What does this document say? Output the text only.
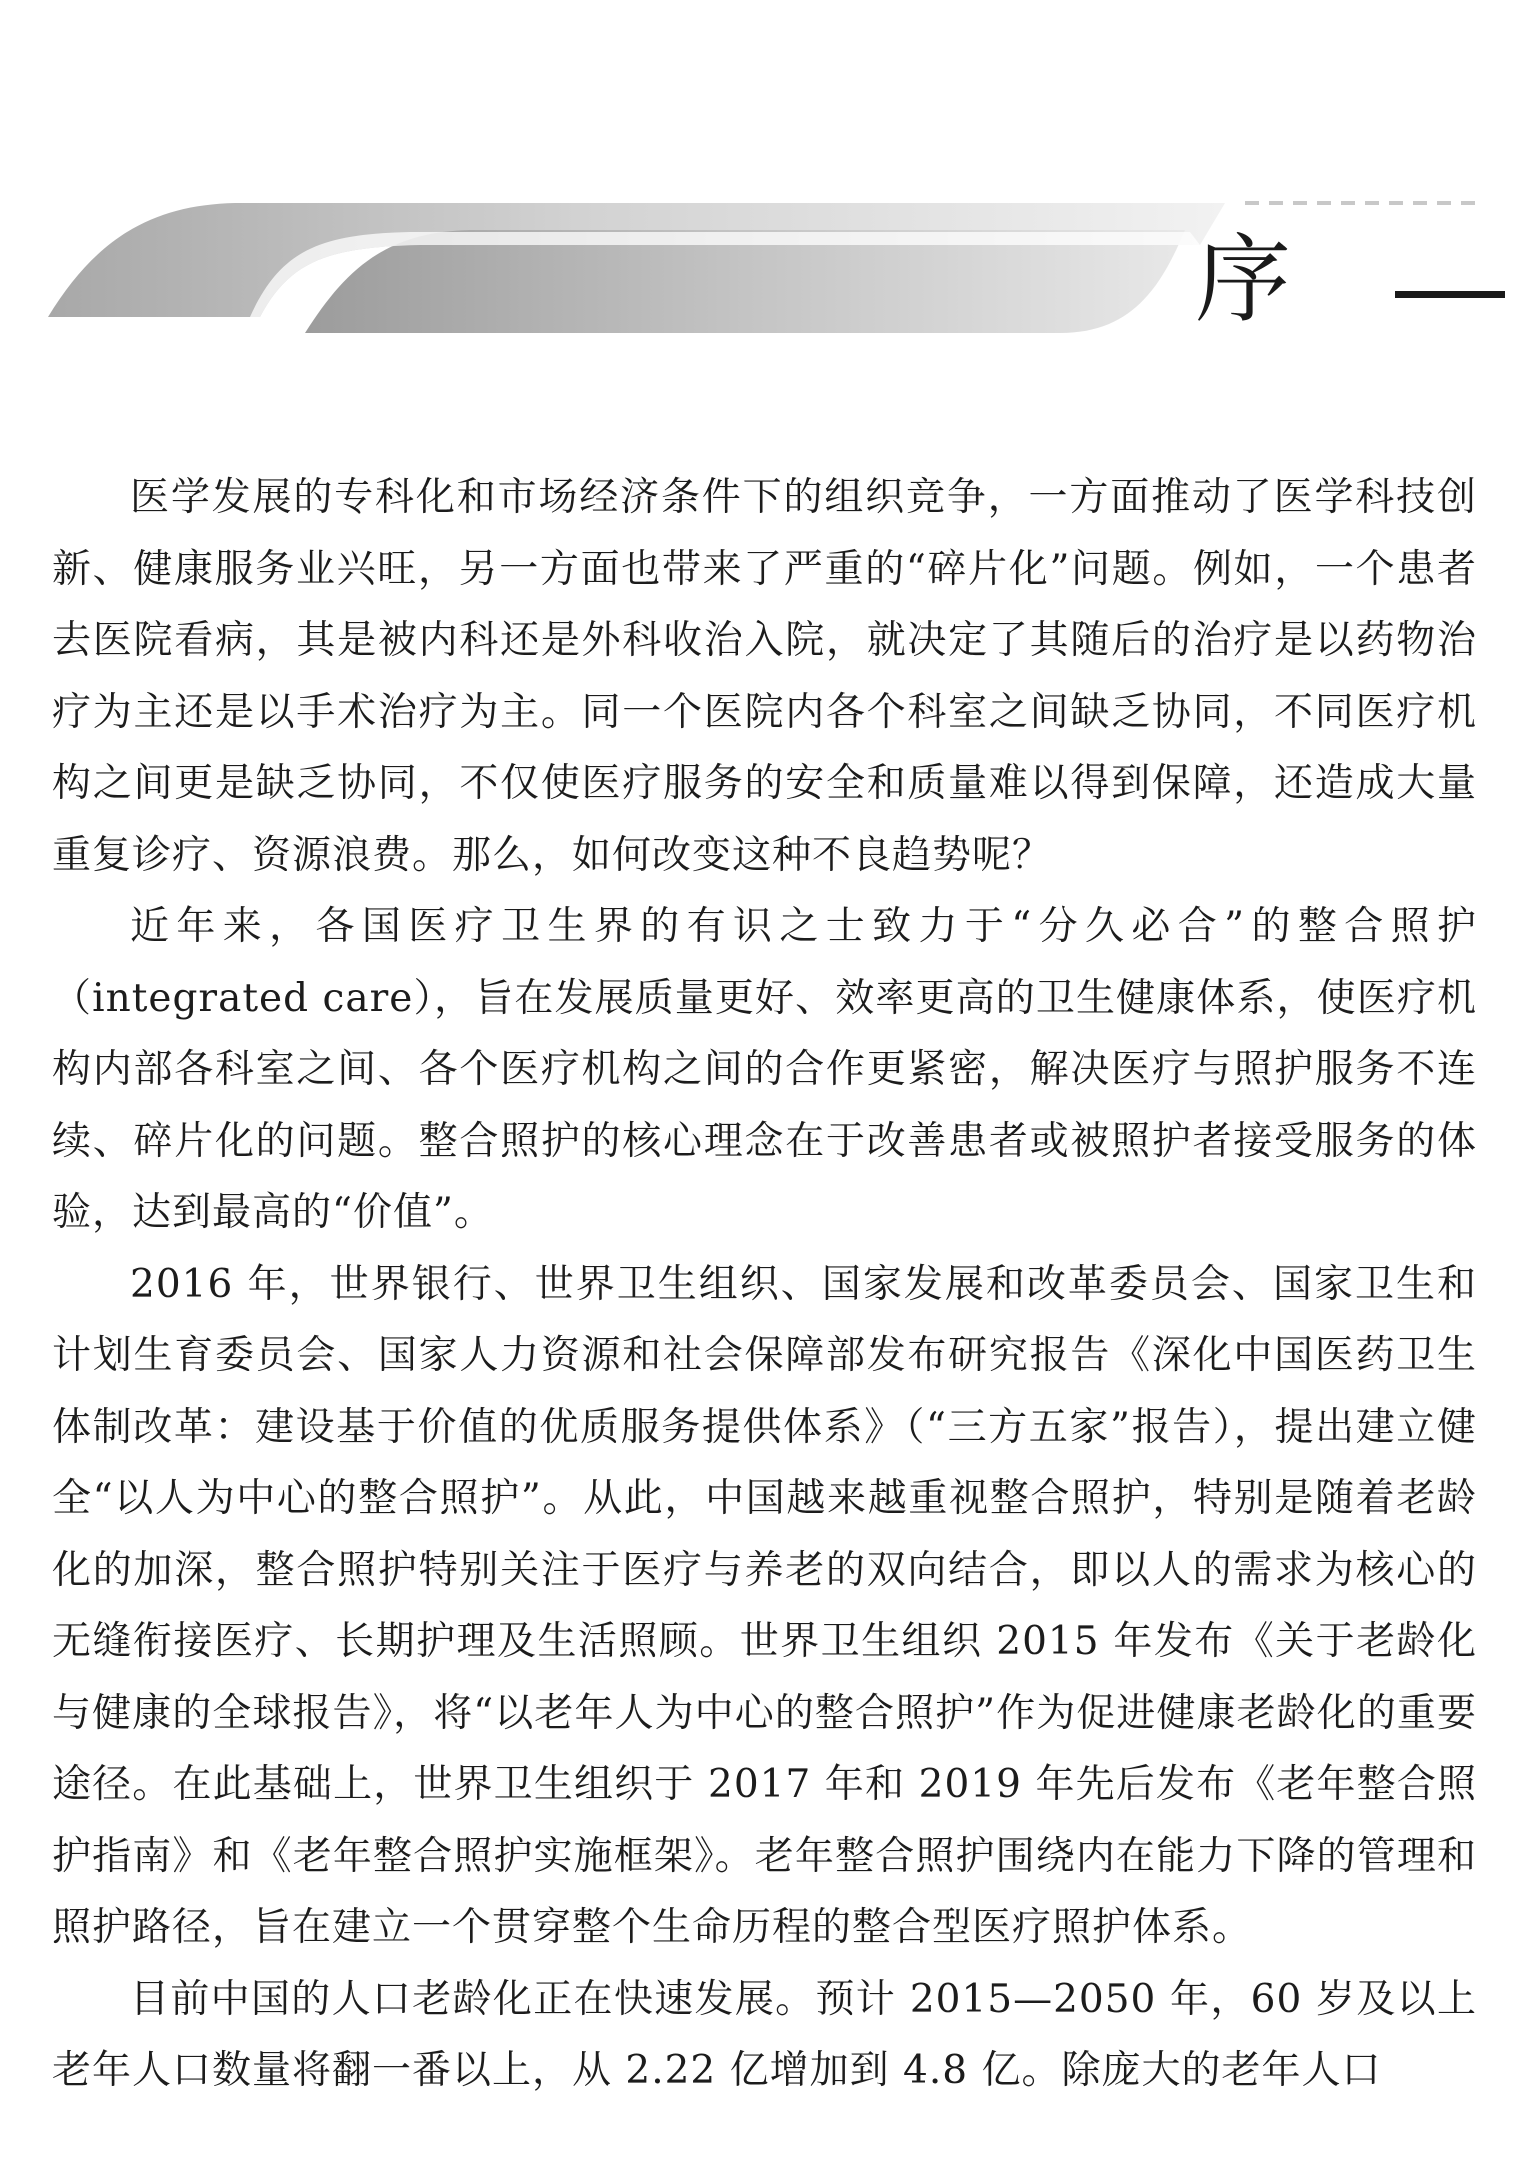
序

医学发展的专科化和市场经济条件下的组织竞争，一方面推动了医学科技创新、健康服务业兴旺，另一方面也带来了严重的“碎片化”问题。例如，一个患者去医院看病，其是被内科还是外科收治入院，就决定了其随后的治疗是以药物治疗为主还是以手术治疗为主。同一个医院内各个科室之间缺乏协同，不同医疗机构之间更是缺乏协同，不仅使医疗服务的安全和质量难以得到保障，还造成大量重复诊疗、资源浪费。那么，如何改变这种不良趋势呢？

近年来，各国医疗卫生界的有识之士致力于“分久必合”的整合照护（integrated care），旨在发展质量更好、效率更高的卫生健康体系，使医疗机构内部各科室之间、各个医疗机构之间的合作更紧密，解决医疗与照护服务不连续、碎片化的问题。整合照护的核心理念在于改善患者或被照护者接受服务的体验，达到最高的“价值”。

2016 年，世界银行、世界卫生组织、国家发展和改革委员会、国家卫生和计划生育委员会、国家人力资源和社会保障部发布研究报告《深化中国医药卫生体制改革：建设基于价值的优质服务提供体系》（“三方五家”报告），提出建立健全“以人为中心的整合照护”。从此，中国越来越重视整合照护，特别是随着老龄化的加深，整合照护特别关注于医疗与养老的双向结合，即以人的需求为核心的无缝衔接医疗、长期护理及生活照顾。世界卫生组织 2015 年发布《关于老龄化与健康的全球报告》，将“以老年人为中心的整合照护”作为促进健康老龄化的重要途径。在此基础上，世界卫生组织于 2017 年和 2019 年先后发布《老年整合照护指南》和《老年整合照护实施框架》。老年整合照护围绕内在能力下降的管理和照护路径，旨在建立一个贯穿整个生命历程的整合型医疗照护体系。

目前中国的人口老龄化正在快速发展。预计 2015—2050 年，60 岁及以上老年人口数量将翻一番以上，从 2.22 亿增加到 4.8 亿。除庞大的老年人口
